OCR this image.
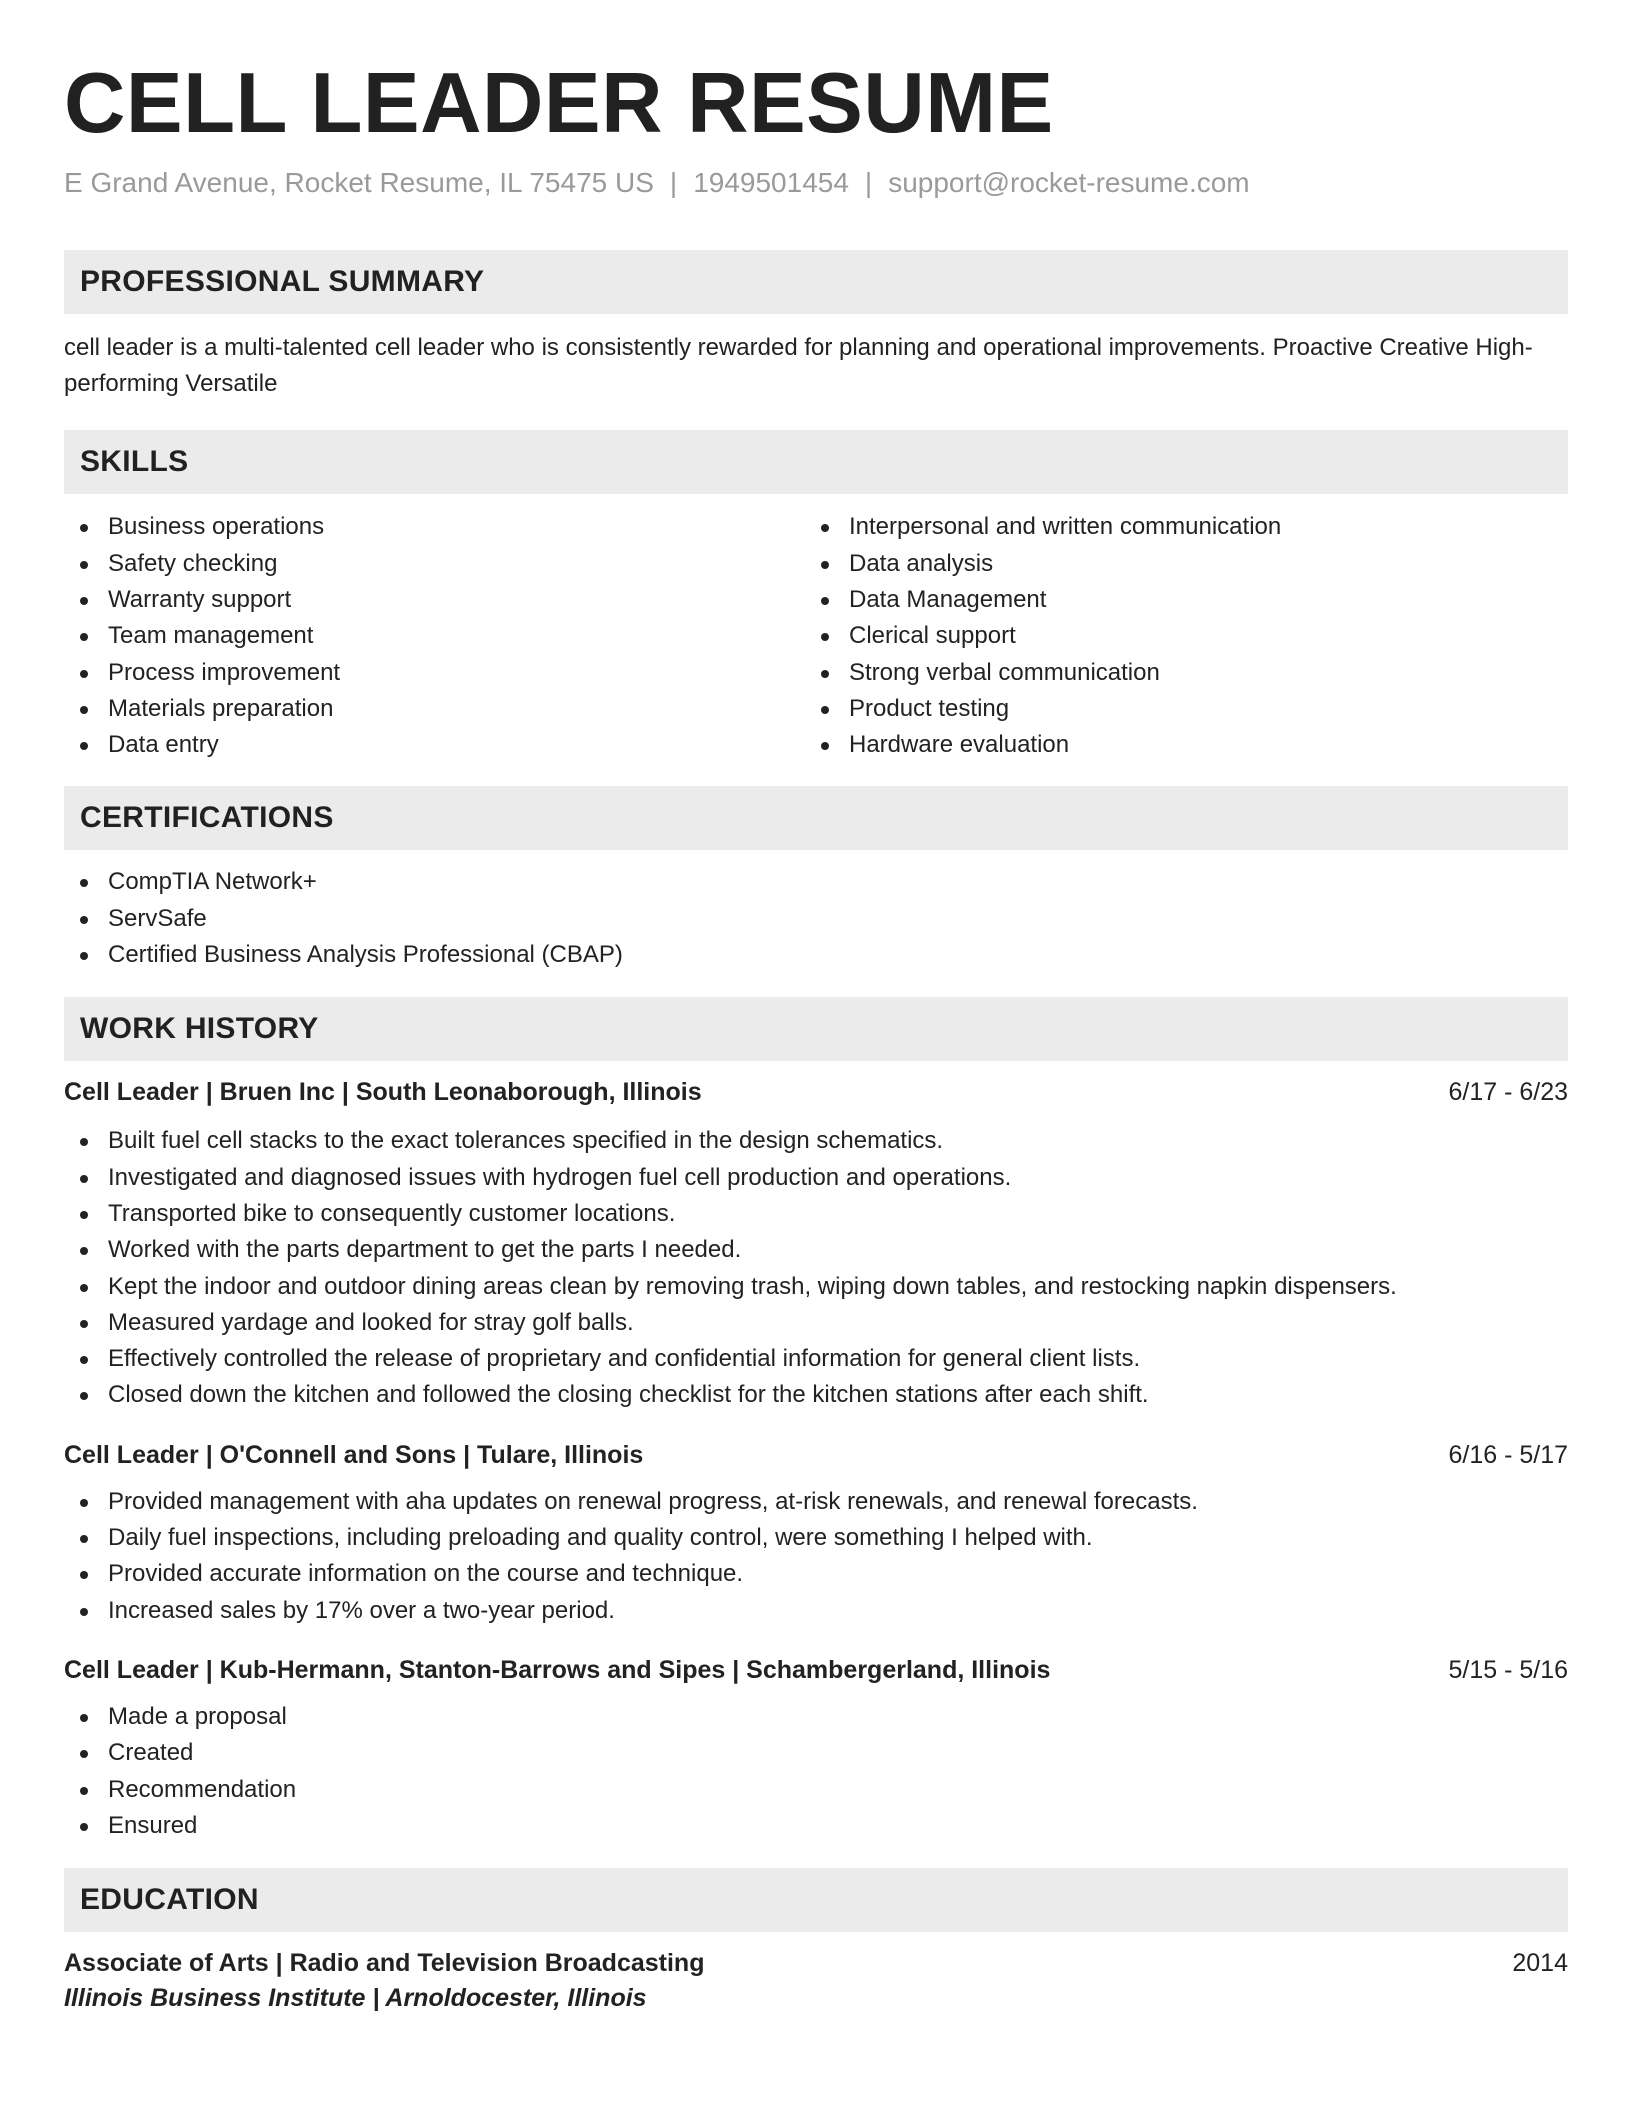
CELL LEADER RESUME
E Grand Avenue, Rocket Resume, IL 75475 US | 1949501454 | support@rocket-resume.com
PROFESSIONAL SUMMARY

cell leader is a multi-talented cell leader who is consistently rewarded for planning and operational improvements. Proactive Creative High-performing Versatile

SKILLS
Business operations
Safety checking
Warranty support
Team management
Process improvement
Materials preparation
Data entry
Interpersonal and written communication
Data analysis
Data Management
Clerical support
Strong verbal communication
Product testing
Hardware evaluation
CERTIFICATIONS
CompTIA Network+
ServSafe
Certified Business Analysis Professional (CBAP)
WORK HISTORY
Cell Leader | Bruen Inc | South Leonaborough, Illinois	6/17 - 6/23
Built fuel cell stacks to the exact tolerances specified in the design schematics.
Investigated and diagnosed issues with hydrogen fuel cell production and operations.
Transported bike to consequently customer locations.
Worked with the parts department to get the parts I needed.
Kept the indoor and outdoor dining areas clean by removing trash, wiping down tables, and restocking napkin dispensers.
Measured yardage and looked for stray golf balls.
Effectively controlled the release of proprietary and confidential information for general client lists.
Closed down the kitchen and followed the closing checklist for the kitchen stations after each shift.
Cell Leader | O'Connell and Sons | Tulare, Illinois	6/16 - 5/17
Provided management with aha updates on renewal progress, at-risk renewals, and renewal forecasts.
Daily fuel inspections, including preloading and quality control, were something I helped with.
Provided accurate information on the course and technique.
Increased sales by 17% over a two-year period.
Cell Leader | Kub-Hermann, Stanton-Barrows and Sipes | Schambergerland, Illinois	5/15 - 5/16
Made a proposal
Created
Recommendation
Ensured
EDUCATION
Associate of Arts | Radio and Television Broadcasting	2014
Illinois Business Institute | Arnoldocester, Illinois
